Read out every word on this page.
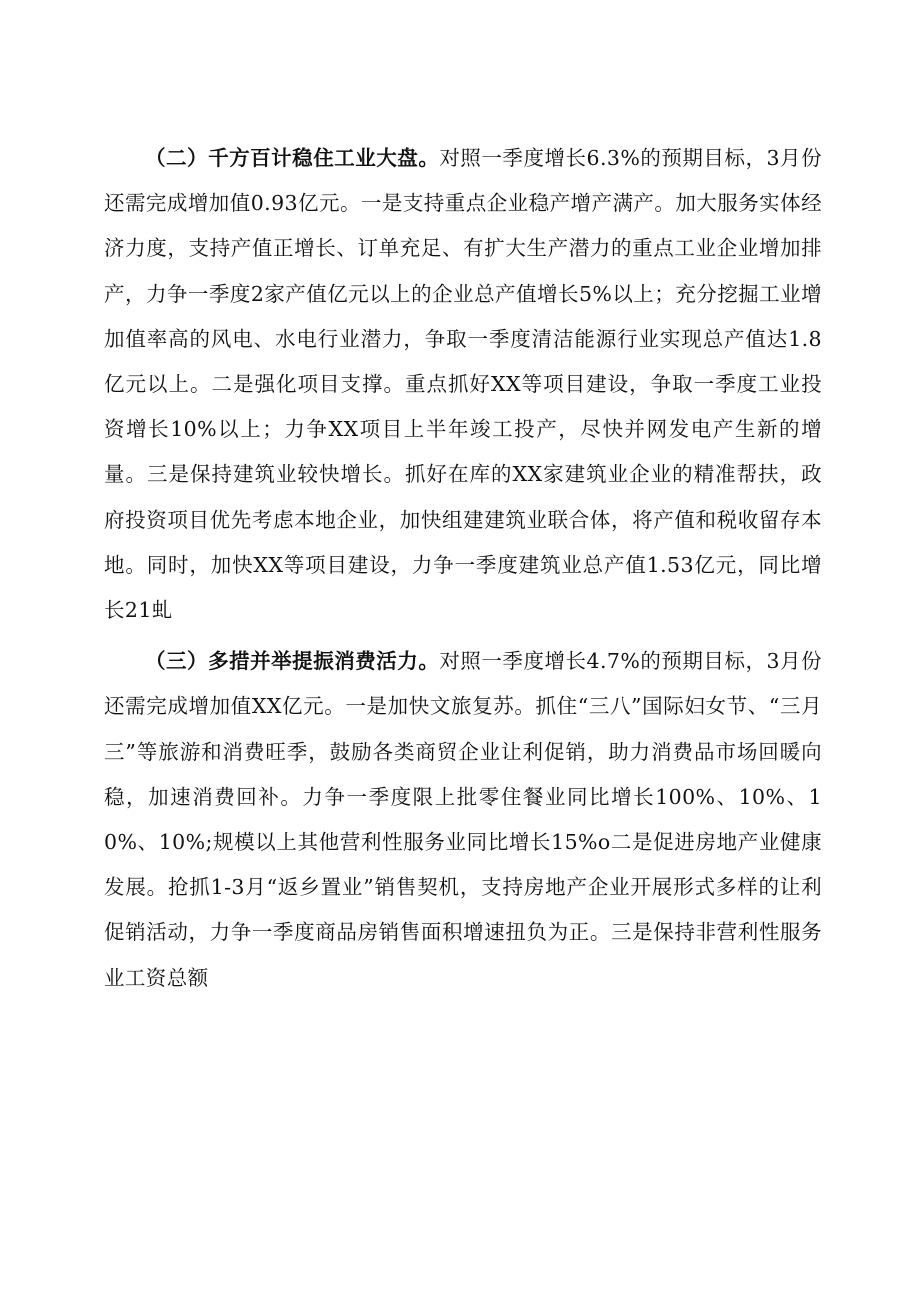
（二）千方百计稳住工业大盘。对照一季度增长6.3%的预期目标，3月份还需完成增加值0.93亿元。一是支持重点企业稳产增产满产。加大服务实体经济力度，支持产值正增长、订单充足、有扩大生产潜力的重点工业企业增加排产，力争一季度2家产值亿元以上的企业总产值增长5%以上；充分挖掘工业增加值率高的风电、水电行业潜力，争取一季度清洁能源行业实现总产值达1.8亿元以上。二是强化项目支撑。重点抓好XX等项目建设，争取一季度工业投资增长10%以上；力争XX项目上半年竣工投产，尽快并网发电产生新的增量。三是保持建筑业较快增长。抓好在库的XX家建筑业企业的精准帮扶，政府投资项目优先考虑本地企业，加快组建建筑业联合体，将产值和税收留存本地。同时，加快XX等项目建设，力争一季度建筑业总产值1.53亿元，同比增长21虬

（三）多措并举提振消费活力。对照一季度增长4.7%的预期目标，3月份还需完成增加值XX亿元。一是加快文旅复苏。抓住“三八”国际妇女节、“三月三”等旅游和消费旺季，鼓励各类商贸企业让利促销，助力消费品市场回暖向稳，加速消费回补。力争一季度限上批零住餐业同比增长100%、10%、10%、10%;规模以上其他营利性服务业同比增长15%o二是促进房地产业健康发展。抢抓1-3月“返乡置业”销售契机，支持房地产企业开展形式多样的让利促销活动，力争一季度商品房销售面积增速扭负为正。三是保持非营利性服务业工资总额
